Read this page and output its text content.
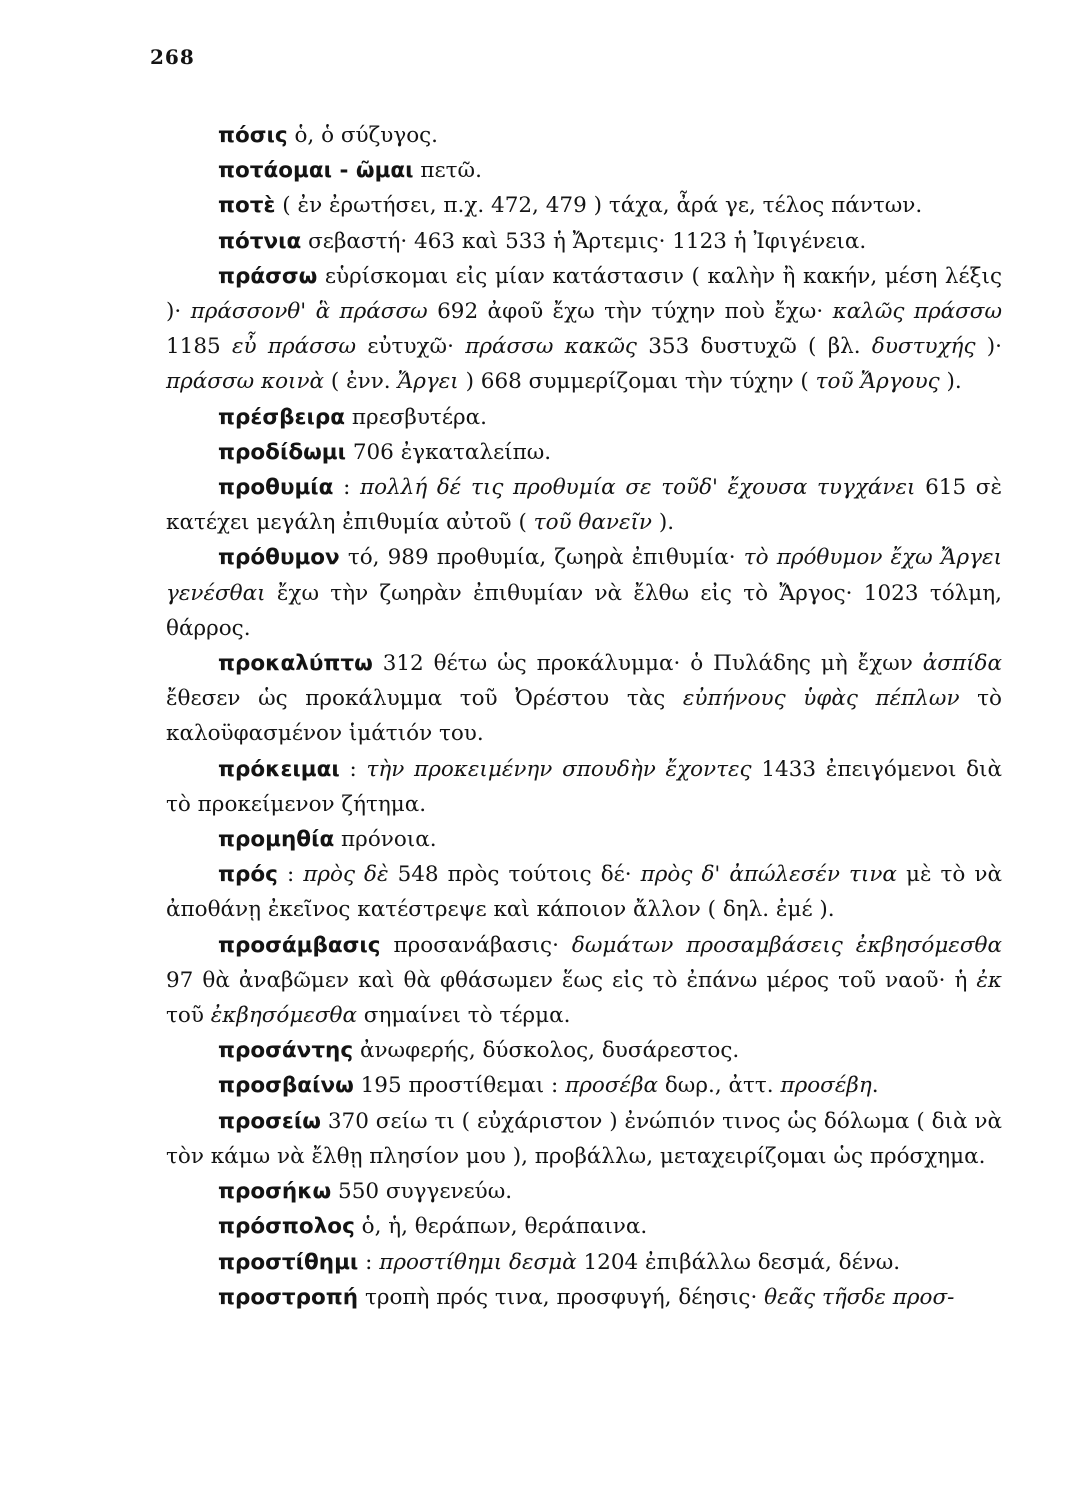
268

πόσις ὁ, ὁ σύζυγος.

ποτάομαι - ῶμαι πετῶ.

ποτὲ ( ἐν ἐρωτήσει, π.χ. 472, 479 ) τάχα, ἆρά γε, τέλος πάντων.

πότνια σεβαστή· 463 καὶ 533 ἡ Ἄρτεμις· 1123 ἡ Ἰφιγένεια.

πράσσω εὑρίσκομαι εἰς μίαν κατάστασιν ( καλὴν ἢ κακήν, μέση λέξις )· πράσσονθ' ἃ πράσσω 692 ἀφοῦ ἔχω τὴν τύχην ποὺ ἔχω· καλῶς πράσσω 1185 εὖ πράσσω εὐτυχῶ· πράσσω κακῶς 353 δυστυχῶ ( βλ. δυστυχής )· πράσσω κοινὰ ( ἐνν. Ἄργει ) 668 συμμερίζομαι τὴν τύχην ( τοῦ Ἄργους ).

πρέσβειρα πρεσβυτέρα.

προδίδωμι 706 ἐγκαταλείπω.

προθυμία : πολλή δέ τις προθυμία σε τοῦδ' ἔχουσα τυγχάνει 615 σὲ κατέχει μεγάλη ἐπιθυμία αὐτοῦ ( τοῦ θανεῖν ).

πρόθυμον τό, 989 προθυμία, ζωηρὰ ἐπιθυμία· τὸ πρόθυμον ἔχω Ἄργει γενέσθαι ἔχω τὴν ζωηρὰν ἐπιθυμίαν νὰ ἔλθω εἰς τὸ Ἄργος· 1023 τόλμη, θάρρος.

προκαλύπτω 312 θέτω ὡς προκάλυμμα· ὁ Πυλάδης μὴ ἔχων ἀσπίδα ἔθεσεν ὡς προκάλυμμα τοῦ Ὀρέστου τὰς εὐπήνους ὑφὰς πέπλων τὸ καλοϋφασμένον ἱμάτιόν του.

πρόκειμαι : τὴν προκειμένην σπουδὴν ἔχοντες 1433 ἐπειγόμενοι διὰ τὸ προκείμενον ζήτημα.

προμηθία πρόνοια.

πρός : πρὸς δὲ 548 πρὸς τούτοις δέ· πρὸς δ' ἀπώλεσέν τινα μὲ τὸ νὰ ἀποθάνῃ ἐκεῖνος κατέστρεψε καὶ κάποιον ἄλλον ( δηλ. ἐμέ ).

προσάμβασις προσανάβασις· δωμάτων προσαμβάσεις ἐκβησόμεσθα 97 θὰ ἀναβῶμεν καὶ θὰ φθάσωμεν ἕως εἰς τὸ ἐπάνω μέρος τοῦ ναοῦ· ἡ ἐκ τοῦ ἐκβησόμεσθα σημαίνει τὸ τέρμα.

προσάντης ἀνωφερής, δύσκολος, δυσάρεστος.

προσβαίνω 195 προστίθεμαι : προσέβα δωρ., ἀττ. προσέβη.

προσείω 370 σείω τι ( εὐχάριστον ) ἐνώπιόν τινος ὡς δόλωμα ( διὰ νὰ τὸν κάμω νὰ ἔλθῃ πλησίον μου ), προβάλλω, μεταχειρίζομαι ὡς πρόσχημα.

προσήκω 550 συγγενεύω.

πρόσπολος ὁ, ἡ, θεράπων, θεράπαινα.

προστίθημι : προστίθημι δεσμὰ 1204 ἐπιβάλλω δεσμά, δένω.

προστροπή τροπὴ πρός τινα, προσφυγή, δέησις· θεᾶς τῆσδε προσ-
